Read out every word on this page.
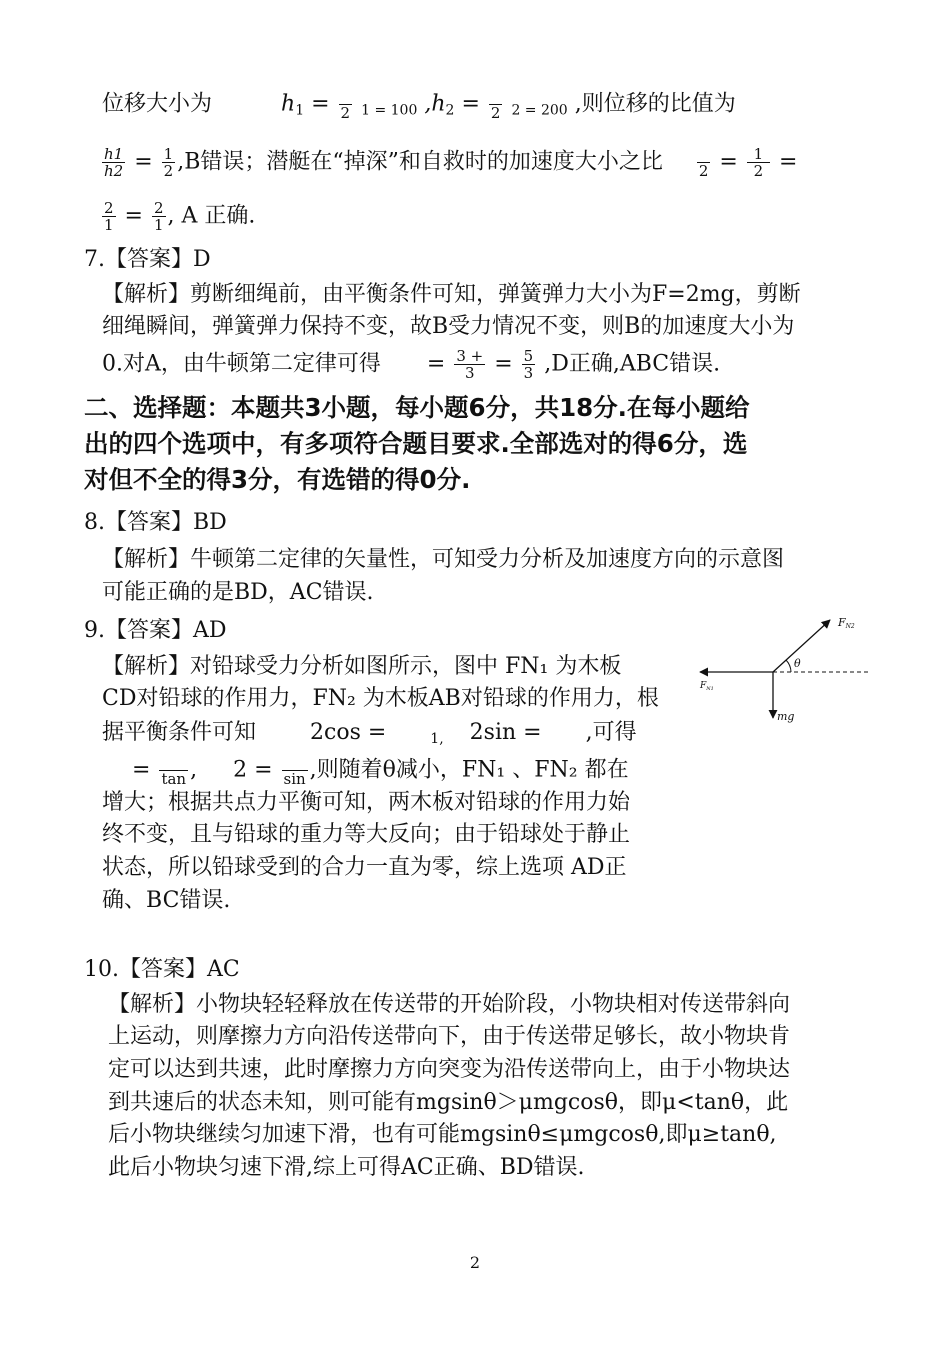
位移大小为	$h_1$ =
2 $_{1 = 100}$ $,h_2$ =
2 $_{2 = 200}$ ,则位移的比值为
$\frac{h1}{h2} = \frac{1}{2} ,B$错误；潜艇在“掉深”和自救时的加速度大小之比
$2 = \frac{1}{2}$ =
$\frac{2}{1} = \frac{2}{1}$ , A 正确.
7.【答案】D
【解析】剪断细绳前，由平衡条件可知，弹簧弹力大小为F=2mg，剪断
细绳瞬间，弹簧弹力保持不变，故B受力情况不变，则B的加速度大小为
0.对A，由牛顿第二定律可得 = $\frac{3 +}{3} = \frac{5}{3} ,D$正确,ABC错误.
二、选择题：本题共3小题，每小题6分，共18分.在每小题给
出的四个选项中，有多项符合题目要求.全部选对的得6分，选
对但不全的得3分，有选错的得0分.
8.【答案】BD
【解析】牛顿第二定律的矢量性，可知受力分析及加速度方向的示意图
可能正确的是BD，AC错误.
9.【答案】AD
【解析】对铅球受力分析如图所示，图中 FN₁ 为木板
CD对铅球的作用力，FN₂ 为木板AB对铅球的作用力，根
据平衡条件可知 2cos =	$_{1,}$ 2sin = ,可得
=
tan , 2 =
sin ,则随着θ减小，FN₁ 、FN₂ 都在
增大；根据共点力平衡可知，两木板对铅球的作用力始
终不变，且与铅球的重力等大反向；由于铅球处于静止
状态，所以铅球受到的合力一直为零，综上选项 AD正
确、BC错误.
FN2
$F_{N1}$
θ
mg
10.【答案】AC
【解析】小物块轻轻释放在传送带的开始阶段，小物块相对传送带斜向
上运动，则摩擦力方向沿传送带向下，由于传送带足够长，故小物块肯
定可以达到共速，此时摩擦力方向突变为沿传送带向上，由于小物块达
到共速后的状态未知，则可能有mgsinθ＞μmgcosθ，即μ<tanθ，此
后小物块继续匀加速下滑，也有可能mgsinθ≤μmgcosθ,即μ≥tanθ,
此后小物块匀速下滑,综上可得AC正确、BD错误.
2
